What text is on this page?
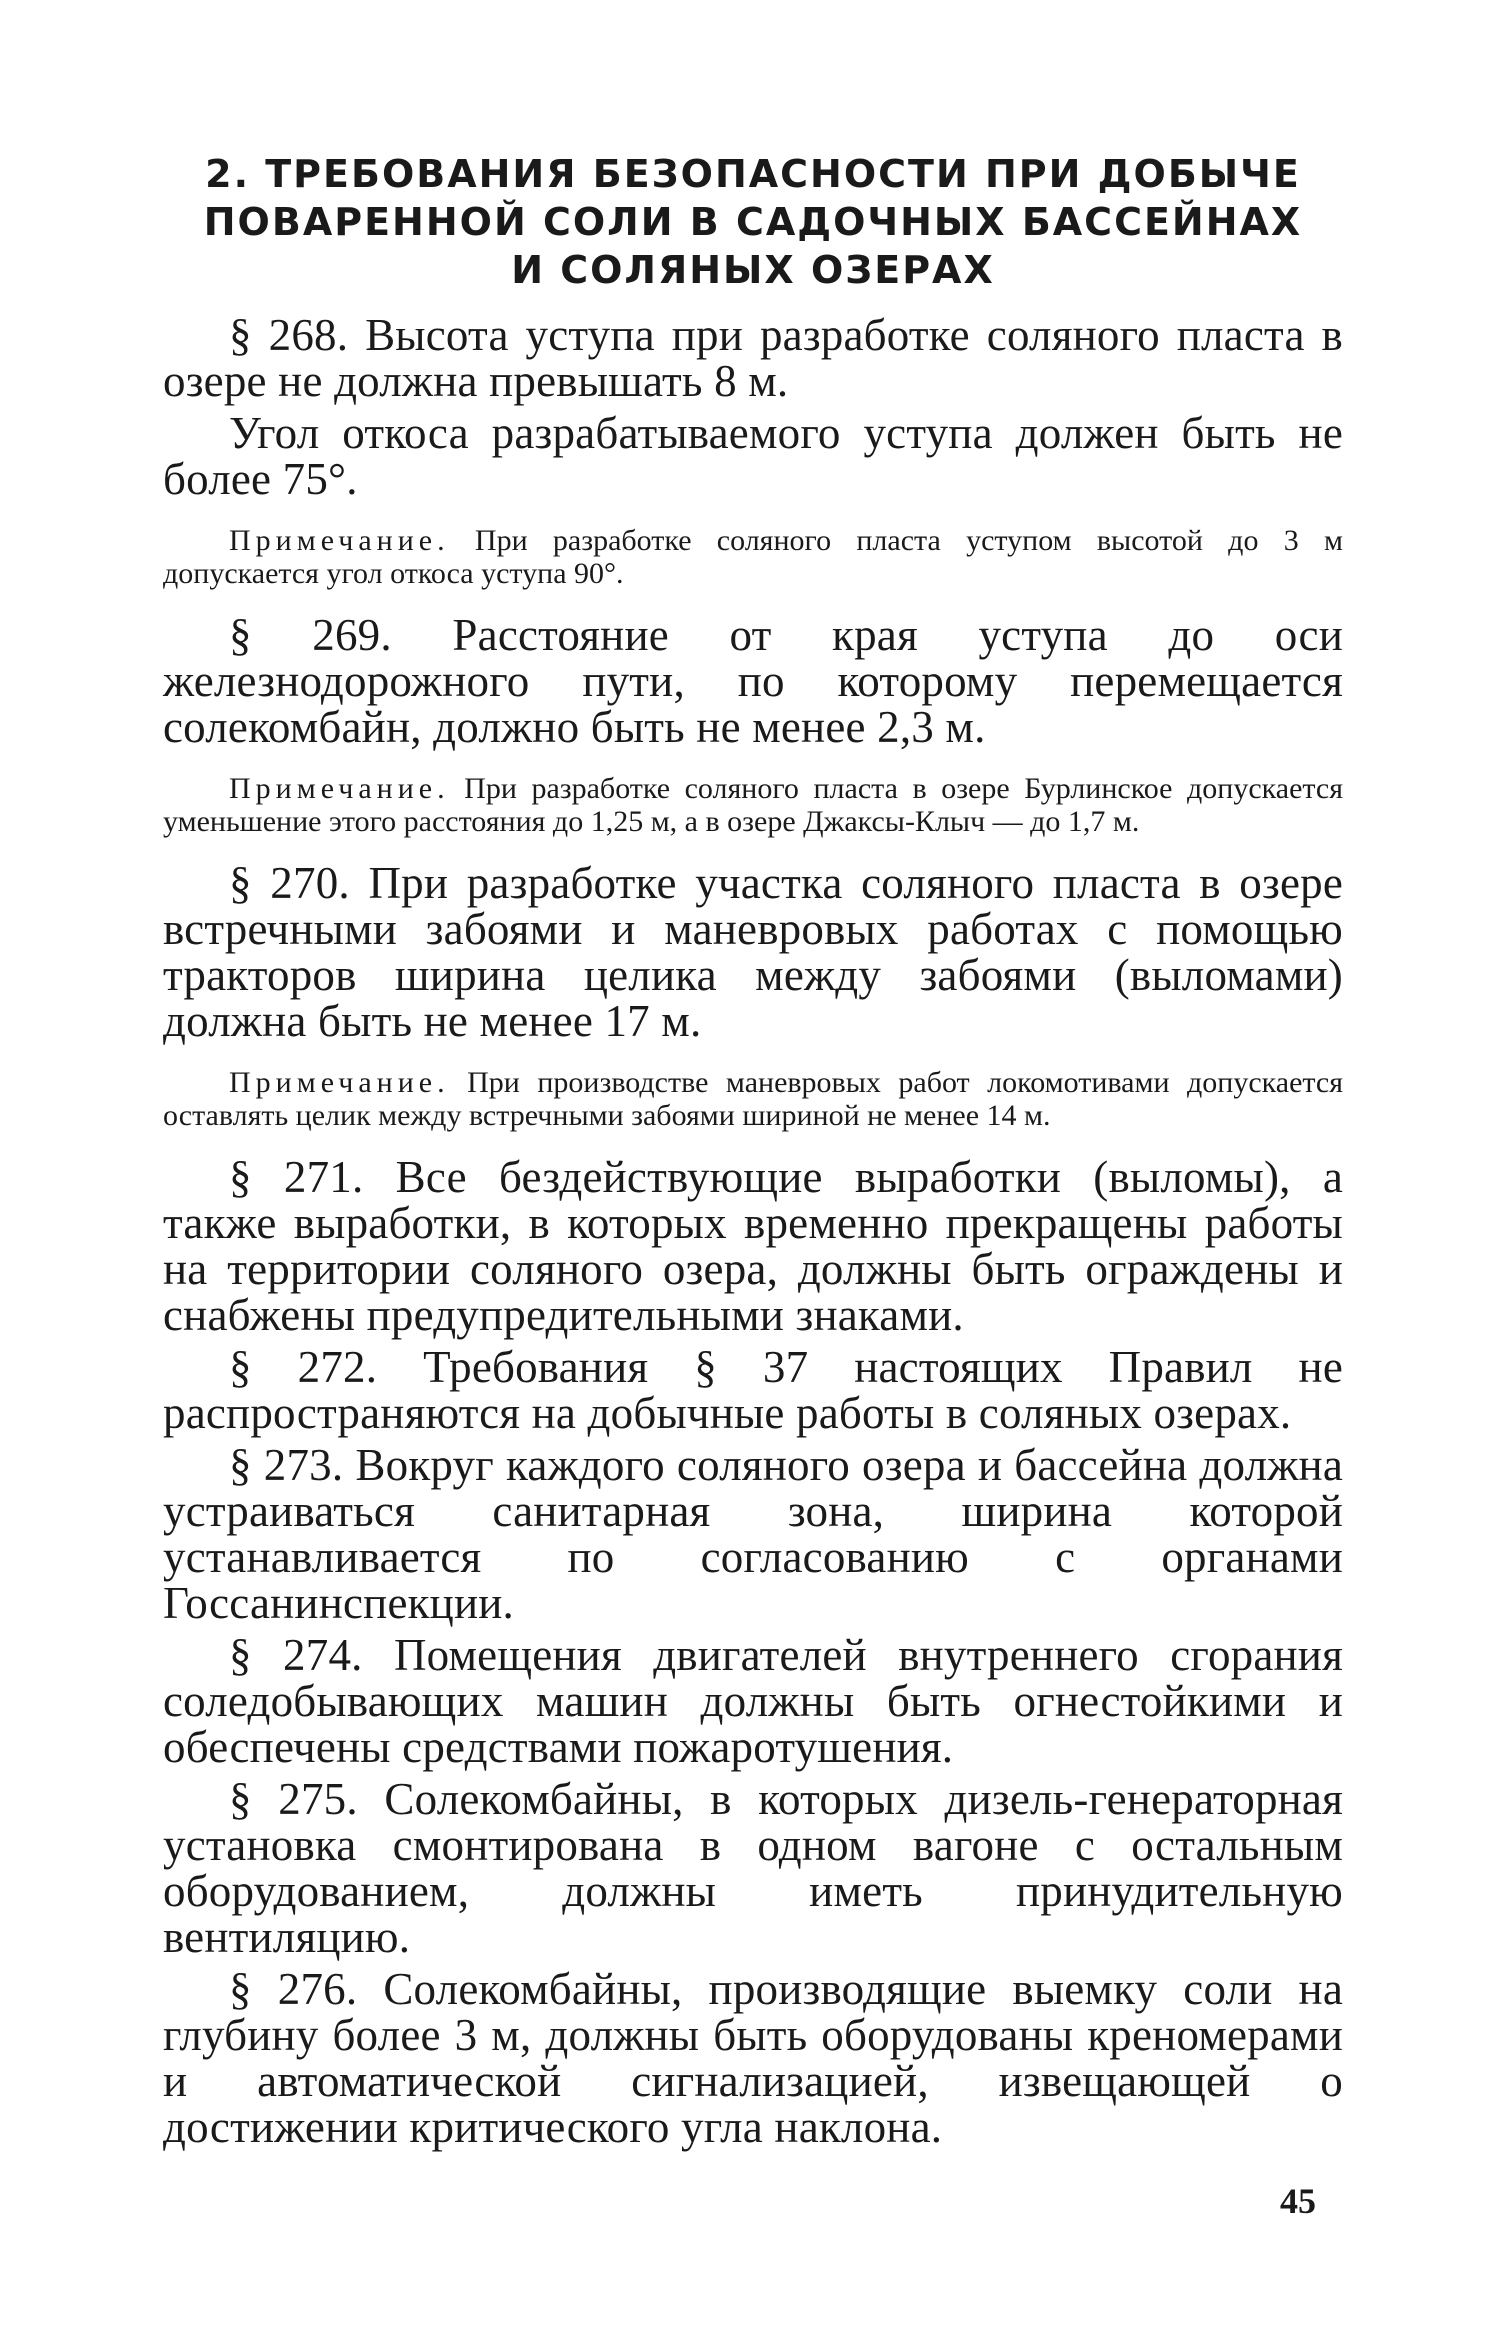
2. ТРЕБОВАНИЯ БЕЗОПАСНОСТИ ПРИ ДОБЫЧЕ
ПОВАРЕННОЙ СОЛИ В САДОЧНЫХ БАССЕЙНАХ
И СОЛЯНЫХ ОЗЕРАХ

§ 268. Высота уступа при разработке соляного пласта в озере не должна превышать 8 м.

Угол откоса разрабатываемого уступа должен быть не более 75°.

Примечание. При разработке соляного пласта уступом высотой до 3 м допускается угол откоса уступа 90°.

§ 269. Расстояние от края уступа до оси железнодорожного пути, по которому перемещается солекомбайн, должно быть не менее 2,3 м.

Примечание. При разработке соляного пласта в озере Бурлинское допускается уменьшение этого расстояния до 1,25 м, а в озере Джаксы-Клыч — до 1,7 м.

§ 270. При разработке участка соляного пласта в озере встречными забоями и маневровых работах с помощью тракторов ширина целика между забоями (выломами) должна быть не менее 17 м.

Примечание. При производстве маневровых работ локомотивами допускается оставлять целик между встречными забоями шириной не менее 14 м.

§ 271. Все бездействующие выработки (выломы), а также выработки, в которых временно прекращены работы на территории соляного озера, должны быть ограждены и снабжены предупредительными знаками.

§ 272. Требования § 37 настоящих Правил не распространяются на добычные работы в соляных озерах.

§ 273. Вокруг каждого соляного озера и бассейна должна устраиваться санитарная зона, ширина которой устанавливается по согласованию с органами Госсанинспекции.

§ 274. Помещения двигателей внутреннего сгорания соледобывающих машин должны быть огнестойкими и обеспечены средствами пожаротушения.

§ 275. Солекомбайны, в которых дизель-генераторная установка смонтирована в одном вагоне с остальным оборудованием, должны иметь принудительную вентиляцию.

§ 276. Солекомбайны, производящие выемку соли на глубину более 3 м, должны быть оборудованы креномерами и автоматической сигнализацией, извещающей о достижении критического угла наклона.

45
